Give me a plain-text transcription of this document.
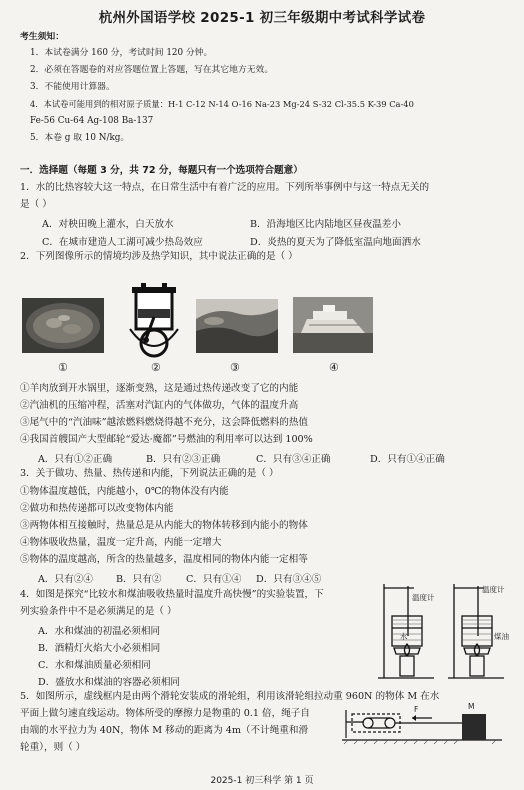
杭州外国语学校 2025-1 初三年级期中考试科学试卷
考生须知：
1．本试卷满分 160 分，考试时间 120 分钟。
2．必须在答题卷的对应答题位置上答题，写在其它地方无效。
3．不能使用计算器。
4．本试卷可能用到的相对原子质量：H-1 C-12 N-14 O-16 Na-23 Mg-24 S-32 Cl-35.5 K-39 Ca-40
Fe-56 Cu-64 Ag-108 Ba-137
5．本卷 g 取 10 N/kg。
一．选择题（每题 3 分，共 72 分，每题只有一个选项符合题意）
1．水的比热容较大这一特点，在日常生活中有着广泛的应用。下列所举事例中与这一特点无关的
是（ ）
A．对秧田晚上灌水，白天放水	B．沿海地区比内陆地区昼夜温差小
C．在城市建造人工湖可减少热岛效应	D．炎热的夏天为了降低室温向地面洒水
2．下列图像所示的情境均涉及热学知识，其中说法正确的是（ ）
①	②	③	④
①羊肉放到开水锅里，逐渐变熟，这是通过热传递改变了它的内能
②汽油机的压缩冲程，活塞对汽缸内的气体做功，气体的温度升高
③尾气中的“汽油味”越浓燃料燃烧得越不充分，这会降低燃料的热值
④我国首艘国产大型邮轮“爱达·魔都”号燃油的利用率可以达到 100%
A．只有①②正确	B．只有②③正确	C．只有③④正确	D．只有①④正确
3．关于做功、热量、热传递和内能，下列说法正确的是（ ）
①物体温度越低，内能越小，0℃的物体没有内能
②做功和热传递都可以改变物体内能
③两物体相互接触时，热量总是从内能大的物体转移到内能小的物体
④物体吸收热量，温度一定升高，内能一定增大
⑤物体的温度越高，所含的热量越多，温度相同的物体内能一定相等
A．只有②④ B．只有②	C．只有①④ D．只有③④⑤
4．如图是探究“比较水和煤油吸收热量时温度升高快慢”的实验装置，下
列实验条件中不是必须满足的是（ ）
A．水和煤油的初温必须相同
B．酒精灯火焰大小必须相同
C．水和煤油质量必须相同
D．盛放水和煤油的容器必须相同
温度计
温度计
水	煤油
5．如图所示，虚线框内是由两个滑轮安装成的滑轮组，利用该滑轮组拉动重 960N 的物体 M 在水
平面上做匀速直线运动。物体所受的摩擦力是物重的 0.1 倍，绳子自
由端的水平拉力为 40N，物体 M 移动的距离为 4m（不计绳重和滑
轮重），则（ ）
F	M
2025-1 初三科学 第 1 页
